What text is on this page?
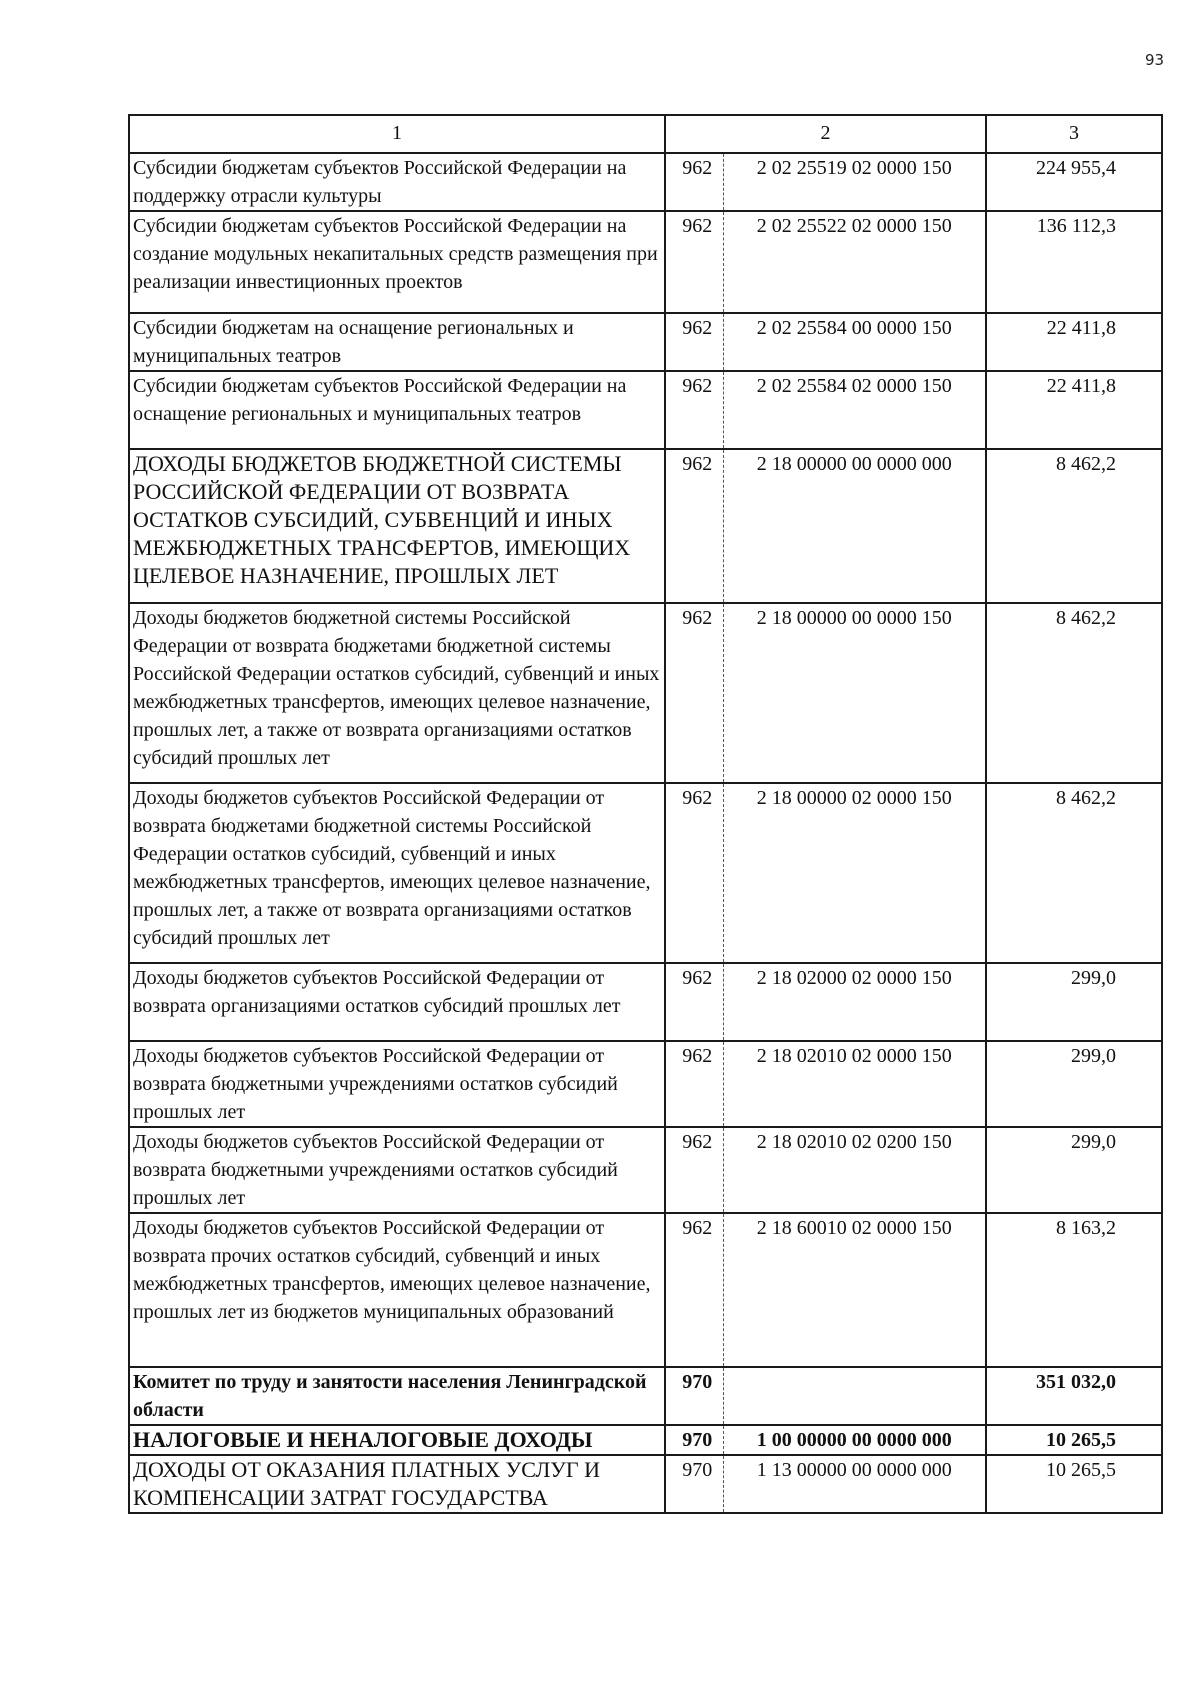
93
1	2		3
Субсидии бюджетам субъектов Российской Федерации на поддержку отрасли культуры	962	2 02 25519 02 0000 150	224 955,4
Субсидии бюджетам субъектов Российской Федерации на создание модульных некапитальных средств размещения при реализации инвестиционных проектов	962	2 02 25522 02 0000 150	136 112,3
Субсидии бюджетам на оснащение региональных и муниципальных театров	962	2 02 25584 00 0000 150	22 411,8
Субсидии бюджетам субъектов Российской Федерации на оснащение региональных и муниципальных театров	962	2 02 25584 02 0000 150	22 411,8
ДОХОДЫ БЮДЖЕТОВ БЮДЖЕТНОЙ СИСТЕМЫ РОССИЙСКОЙ ФЕДЕРАЦИИ ОТ ВОЗВРАТА ОСТАТКОВ СУБСИДИЙ, СУБВЕНЦИЙ И ИНЫХ МЕЖБЮДЖЕТНЫХ ТРАНСФЕРТОВ, ИМЕЮЩИХ ЦЕЛЕВОЕ НАЗНАЧЕНИЕ, ПРОШЛЫХ ЛЕТ	962	2 18 00000 00 0000 000	8 462,2
Доходы бюджетов бюджетной системы Российской Федерации от возврата бюджетами бюджетной системы Российской Федерации остатков субсидий, субвенций и иных межбюджетных трансфертов, имеющих целевое назначение, прошлых лет, а также от возврата организациями остатков субсидий прошлых лет	962	2 18 00000 00 0000 150	8 462,2
Доходы бюджетов субъектов Российской Федерации от возврата бюджетами бюджетной системы Российской Федерации остатков субсидий, субвенций и иных межбюджетных трансфертов, имеющих целевое назначение, прошлых лет, а также от возврата организациями остатков субсидий прошлых лет	962	2 18 00000 02 0000 150	8 462,2
Доходы бюджетов субъектов Российской Федерации от возврата организациями остатков субсидий прошлых лет	962	2 18 02000 02 0000 150	299,0
Доходы бюджетов субъектов Российской Федерации от возврата бюджетными учреждениями остатков субсидий прошлых лет	962	2 18 02010 02 0000 150	299,0
Доходы бюджетов субъектов Российской Федерации от возврата бюджетными учреждениями остатков субсидий прошлых лет	962	2 18 02010 02 0200 150	299,0
Доходы бюджетов субъектов Российской Федерации от возврата прочих остатков субсидий, субвенций и иных межбюджетных трансфертов, имеющих целевое назначение, прошлых лет из бюджетов муниципальных образований	962	2 18 60010 02 0000 150	8 163,2
Комитет по труду и занятости населения Ленинградской области	970		351 032,0
НАЛОГОВЫЕ И НЕНАЛОГОВЫЕ ДОХОДЫ	970	1 00 00000 00 0000 000	10 265,5
ДОХОДЫ ОТ ОКАЗАНИЯ ПЛАТНЫХ УСЛУГ И КОМПЕНСАЦИИ ЗАТРАТ ГОСУДАРСТВА	970	1 13 00000 00 0000 000	10 265,5
